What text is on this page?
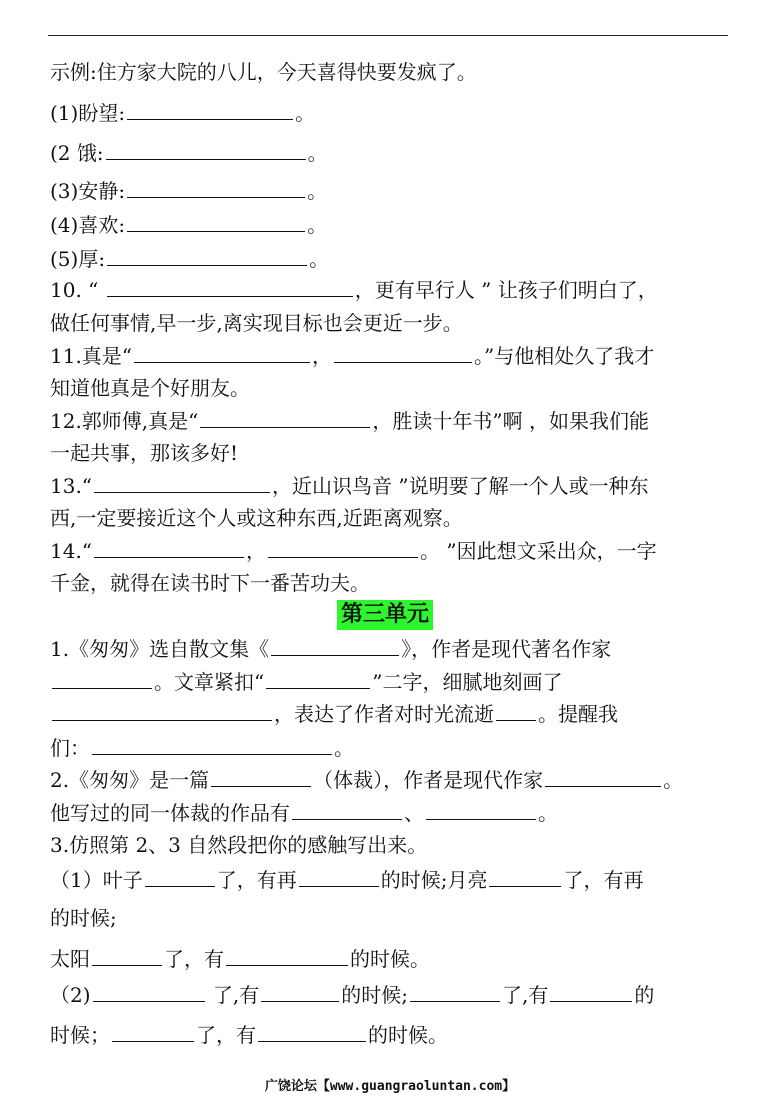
示例:住方家大院的八儿，今天喜得快要发疯了。
(1)盼望:	。
(2 饿:	。
(3)安静:	。
(4)喜欢:	。
(5)厚:	。
10. “	，更有早行人 ” 让孩子们明白了，
做任何事情,早一步,离实现目标也会更近一步。
11.真是“	，	。”与他相处久了我才
知道他真是个好朋友。
12.郭师傅,真是“	，胜读十年书”啊 ，如果我们能
一起共事，那该多好!
13.“	，近山识鸟音 ”说明要了解一个人或一种东
西,一定要接近这个人或这种东西,近距离观察。
14.“	，	。 ”因此想文采出众，一字
千金，就得在读书时下一番苦功夫。
1.《匆匆》选自散文集《	》，作者是现代著名作家
。文章紧扣“	”二字，细腻地刻画了
，表达了作者对时光流逝 。提醒我
们：	。
2.《匆匆》是一篇	（体裁），作者是现代作家	。
他写过的同一体裁的作品有	、	。
3.仿照第 2、3 自然段把你的感触写出来。
（1）叶子	了，有再	的时候;月亮	了，有再
的时候;
太阳	了，有	的时候。
（2)	了,有	的时候;	了,有	的
时候；	了，有	的时候。
第三单元
广饶论坛【www.guangraoluntan.com】
